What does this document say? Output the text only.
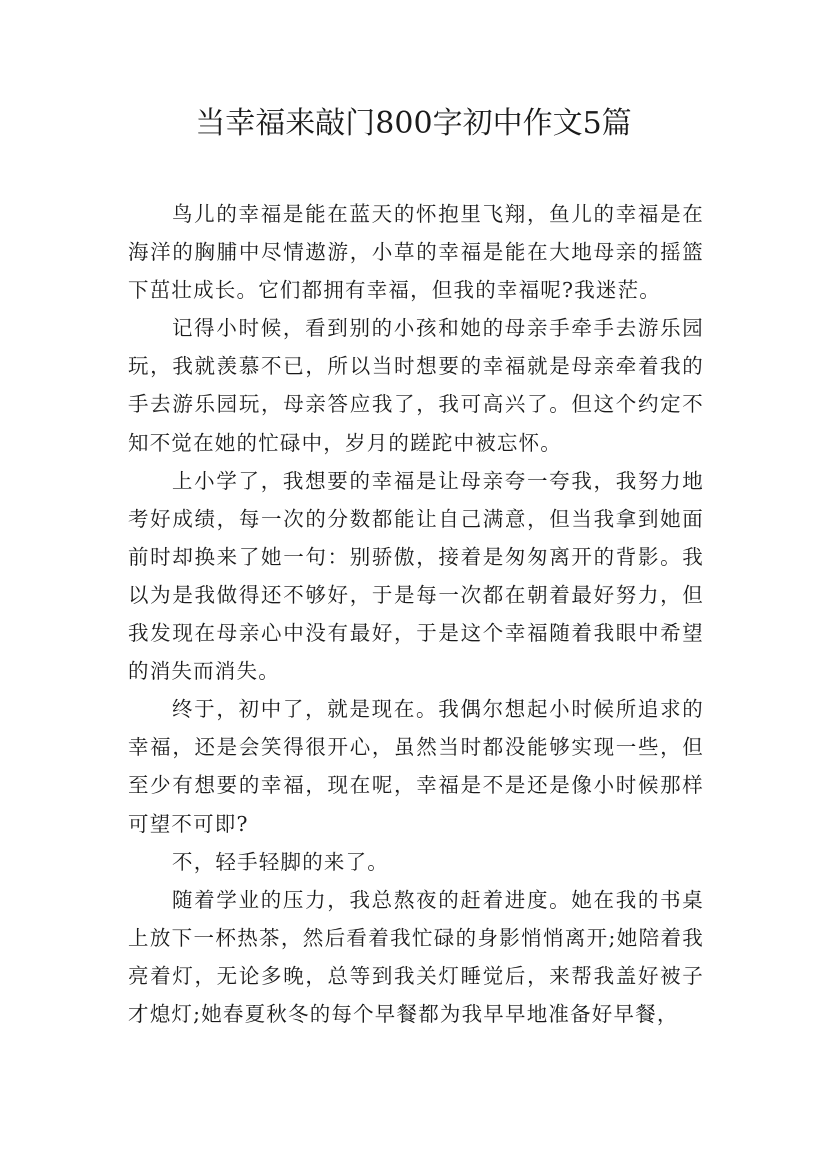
当幸福来敲门800字初中作文5篇

鸟儿的幸福是能在蓝天的怀抱里飞翔，鱼儿的幸福是在海洋的胸脯中尽情遨游，小草的幸福是能在大地母亲的摇篮下茁壮成长。它们都拥有幸福，但我的幸福呢?我迷茫。

记得小时候，看到别的小孩和她的母亲手牵手去游乐园玩，我就羡慕不已，所以当时想要的幸福就是母亲牵着我的手去游乐园玩，母亲答应我了，我可高兴了。但这个约定不知不觉在她的忙碌中，岁月的蹉跎中被忘怀。

上小学了，我想要的幸福是让母亲夸一夸我，我努力地考好成绩，每一次的分数都能让自己满意，但当我拿到她面前时却换来了她一句：别骄傲，接着是匆匆离开的背影。我以为是我做得还不够好，于是每一次都在朝着最好努力，但我发现在母亲心中没有最好，于是这个幸福随着我眼中希望的消失而消失。

终于，初中了，就是现在。我偶尔想起小时候所追求的幸福，还是会笑得很开心，虽然当时都没能够实现一些，但至少有想要的幸福，现在呢，幸福是不是还是像小时候那样可望不可即?

不，轻手轻脚的来了。

随着学业的压力，我总熬夜的赶着进度。她在我的书桌上放下一杯热茶，然后看着我忙碌的身影悄悄离开;她陪着我亮着灯，无论多晚，总等到我关灯睡觉后，来帮我盖好被子才熄灯;她春夏秋冬的每个早餐都为我早早地准备好早餐，
